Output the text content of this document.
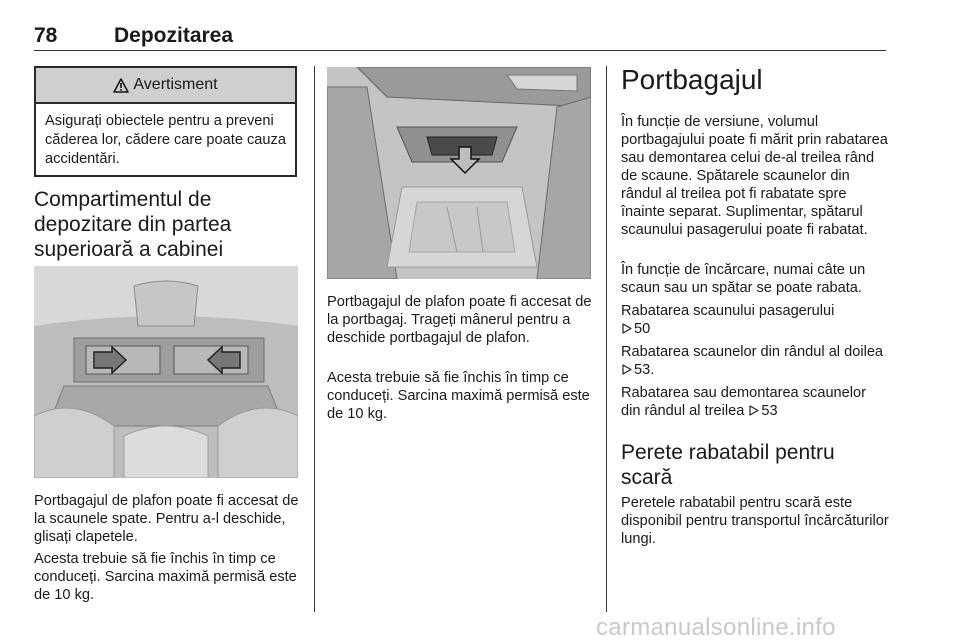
78	Depozitarea
Avertisment
Asigurați obiectele pentru a preveni căderea lor, cădere care poate cauza accidentări.
Compartimentul de depozitare din partea superioară a cabinei

Portbagajul de plafon poate fi accesat de la scaunele spate. Pentru a-l deschide, glisați clapetele.

Acesta trebuie să fie închis în timp ce conduceți. Sarcina maximă permisă este de 10 kg.

Portbagajul de plafon poate fi accesat de la portbagaj. Trageți mânerul pentru a deschide portbagajul de plafon.

Acesta trebuie să fie închis în timp ce conduceți. Sarcina maximă permisă este de 10 kg.

Portbagajul

În funcție de versiune, volumul portbagajului poate fi mărit prin rabatarea sau demontarea celui de-al treilea rând de scaune. Spătarele scaunelor din rândul al treilea pot fi rabatate spre înainte separat. Suplimentar, spătarul scaunului pasagerului poate fi rabatat.

În funcție de încărcare, numai câte un scaun sau un spătar se poate rabata.

Rabatarea scaunului pasagerului
50

Rabatarea scaunelor din rândul al doilea 53.

Rabatarea sau demontarea scaunelor din rândul al treilea 53

Perete rabatabil pentru scară

Peretele rabatabil pentru scară este disponibil pentru transportul încărcăturilor lungi.

carmanualsonline.info
